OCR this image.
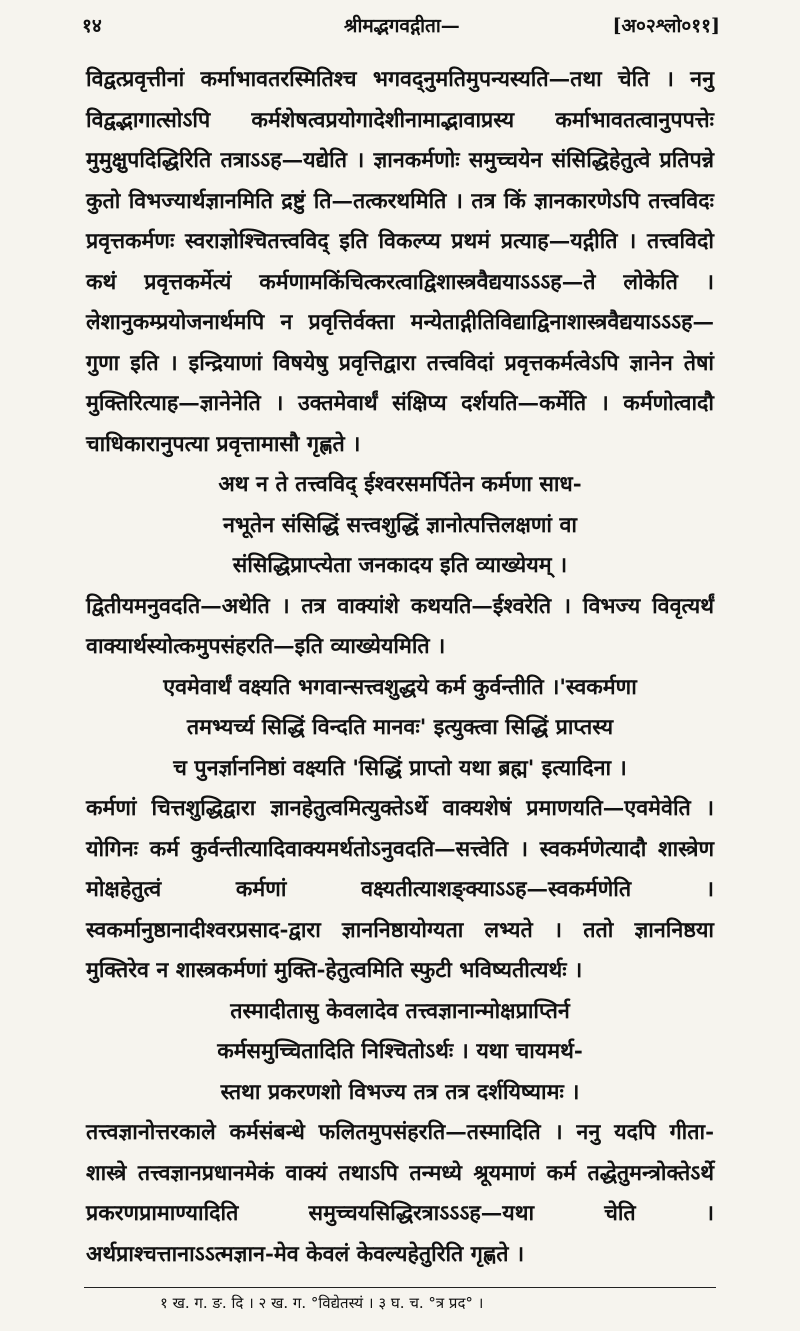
१४	श्रीमद्भगवद्गीता—	[अ०२श्लो०११]

विद्वत्प्रवृत्तीनां कर्माभावतरस्मितिश्च भगवद्नुमतिमुपन्यस्यति—तथा चेति । ननु विद्वद्भागात्सोऽपि कर्मशेषत्वप्रयोगादेशीनामाद्भावाप्रस्य कर्माभावतत्वानुपपत्तेः मुमुक्षुपदिद्धिरिति तत्राऽऽह—यद्येति । ज्ञानकर्मणोः समुच्चयेन संसिद्धिहेतुत्वे प्रतिपन्ने कुतो विभज्यार्थज्ञानमिति द्रष्टुं ति—तत्करथमिति । तत्र किं ज्ञानकारणेऽपि तत्त्वविदः प्रवृत्तकर्मणः स्वराज्ञोश्चितत्त्वविद् इति विकल्प्य प्रथमं प्रत्याह—यद्गीति । तत्त्वविदो कथं प्रवृत्तकर्मेत्यं कर्मणामकिंचित्करत्वाद्विशास्त्रवैद्ययाऽऽऽह—ते लोकेति । लेशानुकम्प्रयोजनार्थमपि न प्रवृत्तिर्वक्ता मन्येताद्गीतिविद्याद्विनाशास्त्रवैद्ययाऽऽऽह—गुणा इति । इन्द्रियाणां विषयेषु प्रवृत्तिद्वारा तत्त्वविदां प्रवृत्तकर्मत्वेऽपि ज्ञानेन तेषां मुक्तिरित्याह—ज्ञानेनेति । उक्तमेवार्थं संक्षिप्य दर्शयति—कर्मेति । कर्मणोत्वादौ चाधिकारानुपत्या प्रवृत्तामासौ गृह्णते ।

अथ न ते तत्त्वविद् ईश्वरसमर्पितेन कर्मणा साध-

नभूतेन संसिद्धिं सत्त्वशुद्धिं ज्ञानोत्पत्तिलक्षणां वा

संसिद्धिप्राप्त्येता जनकादय इति व्याख्येयम् ।

द्वितीयमनुवदति—अथेति । तत्र वाक्यांशे कथयति—ईश्वरेति । विभज्य विवृत्यर्थं वाक्यार्थस्योत्कमुपसंहरति—इति व्याख्येयमिति ।

एवमेवार्थं वक्ष्यति भगवान्सत्त्वशुद्धये कर्म कुर्वन्तीति ।'स्वकर्मणा

तमभ्यर्च्य सिद्धिं विन्दति मानवः' इत्युक्त्वा सिद्धिं प्राप्तस्य

च पुनर्ज्ञाननिष्ठां वक्ष्यति 'सिद्धिं प्राप्तो यथा ब्रह्म' इत्यादिना ।

कर्मणां चित्तशुद्धिद्वारा ज्ञानहेतुत्वमित्युक्तेऽर्थे वाक्यशेषं प्रमाणयति—एवमेवेति । योगिनः कर्म कुर्वन्तीत्यादिवाक्यमर्थतोऽनुवदति—सत्त्वेति । स्वकर्मणेत्यादौ शास्त्रेण मोक्षहेतुत्वं कर्मणां वक्ष्यतीत्याशङ्क्याऽऽह—स्वकर्मणेति । स्वकर्मानुष्ठानादीश्वरप्रसाद-द्वारा ज्ञाननिष्ठायोग्यता लभ्यते । ततो ज्ञाननिष्ठया मुक्तिरेव न शास्त्रकर्मणां मुक्ति-हेतुत्वमिति स्फुटी भविष्यतीत्यर्थः ।

तस्मादीतासु केवलादेव तत्त्वज्ञानान्मोक्षप्राप्तिर्न

कर्मसमुच्चितादिति निश्चितोऽर्थः । यथा चायमर्थ-

स्तथा प्रकरणशो विभज्य तत्र तत्र दर्शयिष्यामः ।

तत्त्वज्ञानोत्तरकाले कर्मसंबन्धे फलितमुपसंहरति—तस्मादिति । ननु यदपि गीता-शास्त्रे तत्त्वज्ञानप्रधानमेकं वाक्यं तथाऽपि तन्मध्ये श्रूयमाणं कर्म तद्धेतुमन्त्रोक्तेऽर्थे प्रकरणप्रामाण्यादिति समुच्चयसिद्धिरत्राऽऽऽह—यथा चेति । अर्थप्राश्चत्तानाऽऽत्मज्ञान-मेव केवलं केवल्यहेतुरिति गृह्णते ।

१ ख. ग. ङ. दि । २ ख. ग. °विद्येतस्यं । ३ घ. च. °त्र प्रद° ।
